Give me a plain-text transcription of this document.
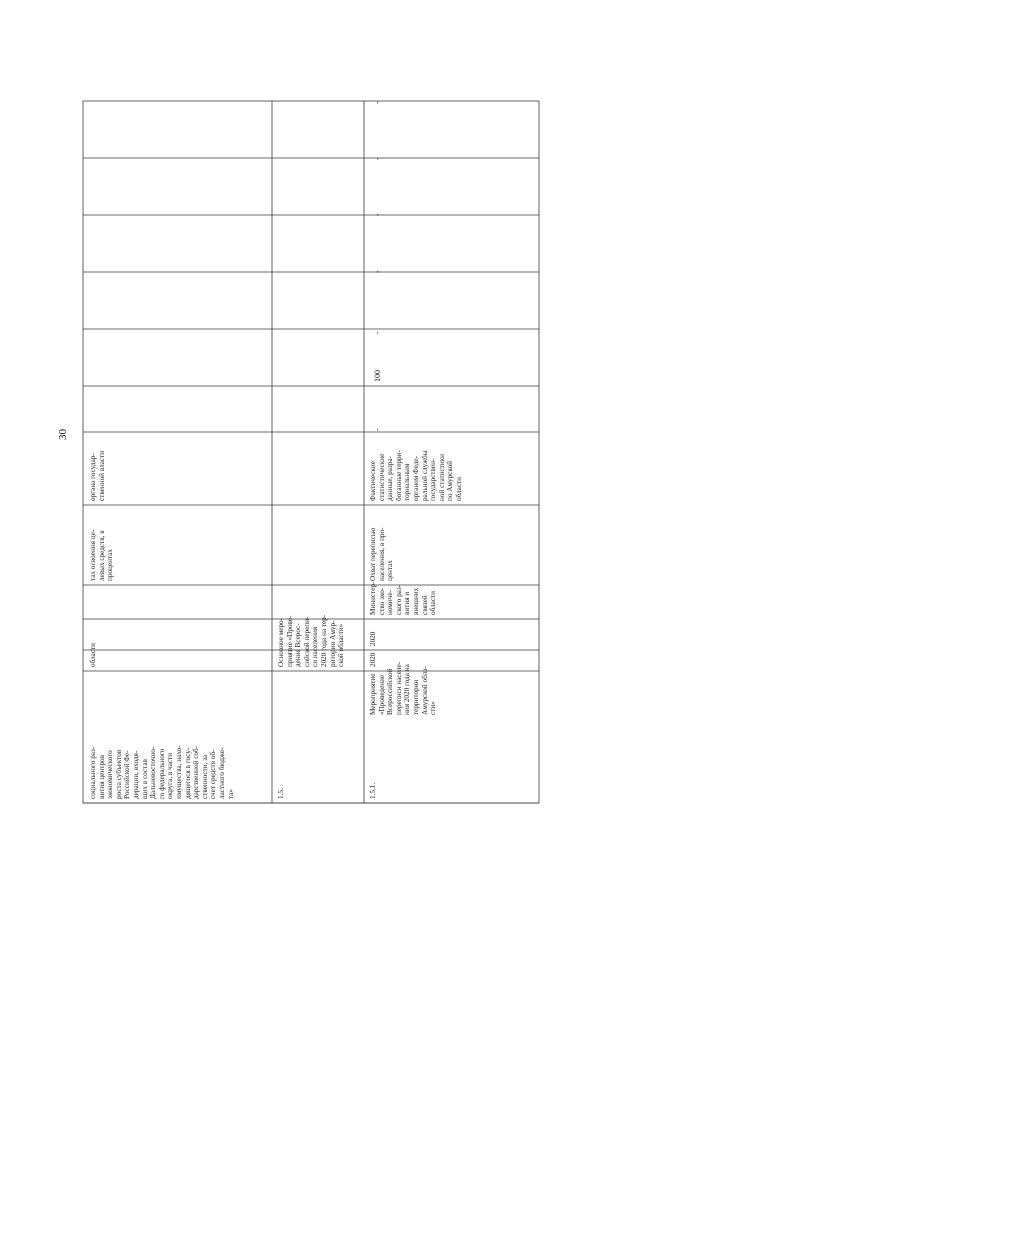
30
социального раз-
вития центров
экономического
роста субъектов
Российской Фе-
дерации, входя-
щих в состав
Дальневосточно-
го федерального
округа, в части
имущества, нахо-
дящегося в госу-
дарственной соб-
ственности, за
счет средств об-
ластного бюдже-
та»
области
тах освоения це-
левых средств, в
процентах
органа государ-
ственной власти
1.5.
Основное меро-
приятие «Прове-
дение Всерос-
сийской перепи-
си населения
2020 года на тер-
ритории Амур-
ской области»
1.5.1.
Мероприятие
«Проведение
Всероссийской
переписи населе-
ния 2020 года на
территории
Амурской обла-
сти»
2020
2020
Министер-
ство эко-
номиче-
ского раз-
вития и
внешних
связей
области
Охват переписью
населения, в про-
центах
Фактические
статистические
данные, разра-
ботанные терри-
ториальным
органом Феде-
ральной службы
государствен-
ной статистики
по Амурской
области
-
100
-
-
-
-
-
